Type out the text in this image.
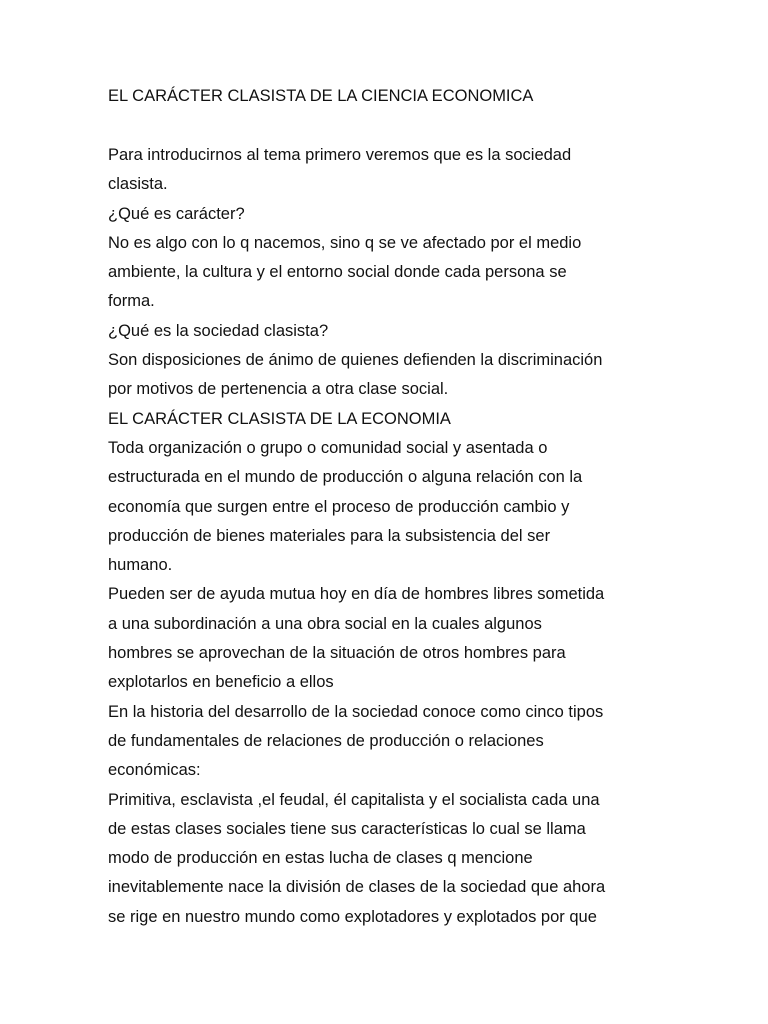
EL CARÁCTER CLASISTA DE LA CIENCIA ECONOMICA
Para introducirnos al tema primero veremos que es la sociedad
clasista.
¿Qué es carácter?
No es algo con lo q nacemos, sino q se ve afectado por el medio
ambiente, la cultura y el entorno social donde cada persona se
forma.
¿Qué es la sociedad clasista?
Son disposiciones de ánimo de quienes defienden la discriminación
por motivos de pertenencia a otra clase social.
EL CARÁCTER CLASISTA DE LA ECONOMIA
Toda organización o grupo o comunidad social y asentada o
estructurada en el mundo de producción o alguna relación con la
economía que surgen entre el proceso de producción cambio y
producción de bienes materiales para la subsistencia del ser
humano.
Pueden ser de ayuda mutua hoy en día de hombres libres sometida
a una subordinación a una obra social en la cuales algunos
hombres se aprovechan de la situación de otros hombres para
explotarlos en beneficio a ellos
En la historia del desarrollo de la sociedad conoce como cinco tipos
de fundamentales de relaciones de producción o relaciones
económicas:
Primitiva, esclavista ,el feudal, él capitalista y el socialista cada una
de estas clases sociales tiene sus características lo cual se llama
modo de producción en estas lucha de clases q mencione
inevitablemente nace la división de clases de la sociedad que ahora
se rige en nuestro mundo como explotadores y explotados por que
